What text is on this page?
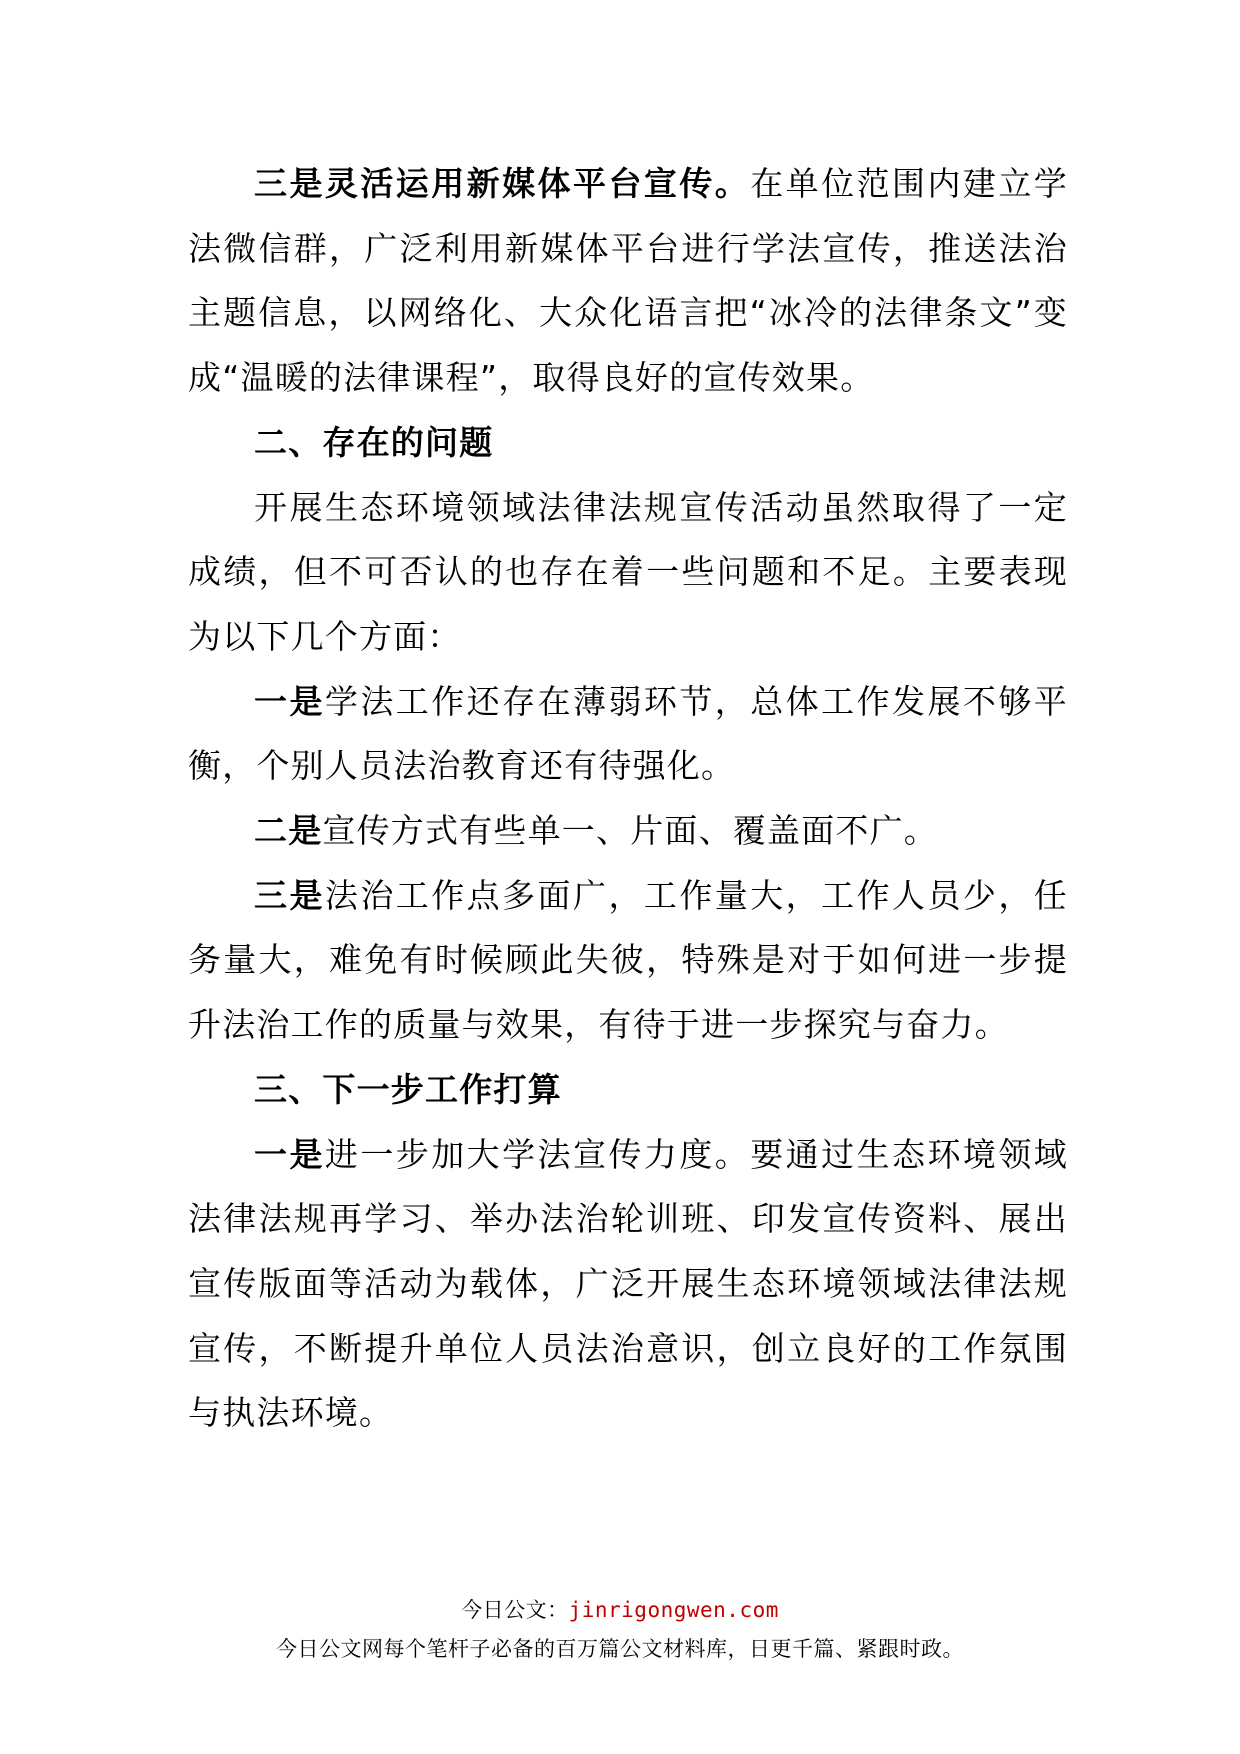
三是灵活运用新媒体平台宣传。在单位范围内建立学法微信群，广泛利用新媒体平台进行学法宣传，推送法治主题信息，以网络化、大众化语言把“冰冷的法律条文”变成“温暖的法律课程”，取得良好的宣传效果。

二、存在的问题

开展生态环境领域法律法规宣传活动虽然取得了一定成绩，但不可否认的也存在着一些问题和不足。主要表现为以下几个方面：

一是学法工作还存在薄弱环节，总体工作发展不够平衡，个别人员法治教育还有待强化。

二是宣传方式有些单一、片面、覆盖面不广。

三是法治工作点多面广，工作量大，工作人员少，任务量大，难免有时候顾此失彼，特殊是对于如何进一步提升法治工作的质量与效果，有待于进一步探究与奋力。

三、下一步工作打算

一是进一步加大学法宣传力度。要通过生态环境领域法律法规再学习、举办法治轮训班、印发宣传资料、展出宣传版面等活动为载体，广泛开展生态环境领域法律法规宣传，不断提升单位人员法治意识，创立良好的工作氛围与执法环境。

今日公文：jinrigongwen.com
今日公文网每个笔杆子必备的百万篇公文材料库，日更千篇、紧跟时政。
